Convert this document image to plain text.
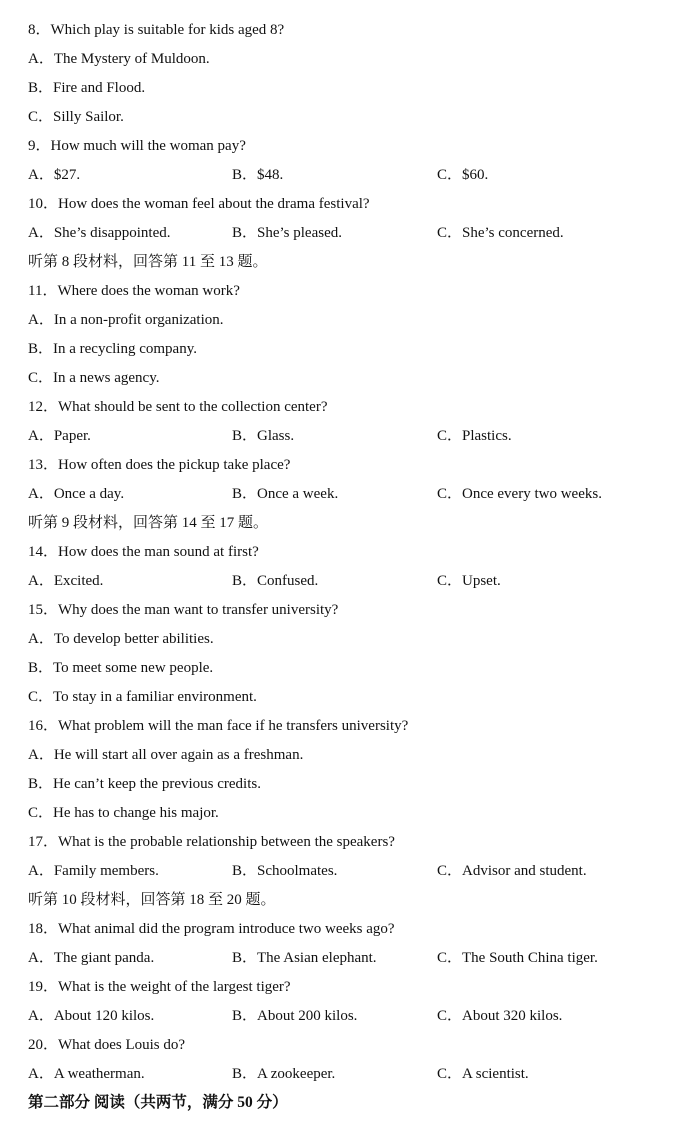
8．Which play is suitable for kids aged 8?
A．The Mystery of Muldoon.
B．Fire and Flood.
C．Silly Sailor.
9．How much will the woman pay?
A．$27.	B．$48.	C．$60.
10．How does the woman feel about the drama festival?
A．She’s disappointed.	B．She’s pleased.	C．She’s concerned.
听第 8 段材料，回答第 11 至 13 题。
11．Where does the woman work?
A．In a non-profit organization.
B．In a recycling company.
C．In a news agency.
12．What should be sent to the collection center?
A．Paper.	B．Glass.	C．Plastics.
13．How often does the pickup take place?
A．Once a day.	B．Once a week.	C．Once every two weeks.
听第 9 段材料，回答第 14 至 17 题。
14．How does the man sound at first?
A．Excited.	B．Confused.	C．Upset.
15．Why does the man want to transfer university?
A．To develop better abilities.
B．To meet some new people.
C．To stay in a familiar environment.
16．What problem will the man face if he transfers university?
A．He will start all over again as a freshman.
B．He can’t keep the previous credits.
C．He has to change his major.
17．What is the probable relationship between the speakers?
A．Family members.	B．Schoolmates.	C．Advisor and student.
听第 10 段材料，回答第 18 至 20 题。
18．What animal did the program introduce two weeks ago?
A．The giant panda.	B．The Asian elephant.	C．The South China tiger.
19．What is the weight of the largest tiger?
A．About 120 kilos.	B．About 200 kilos.	C．About 320 kilos.
20．What does Louis do?
A．A weatherman.	B．A zookeeper.	C．A scientist.
第二部分 阅读（共两节，满分 50 分）
